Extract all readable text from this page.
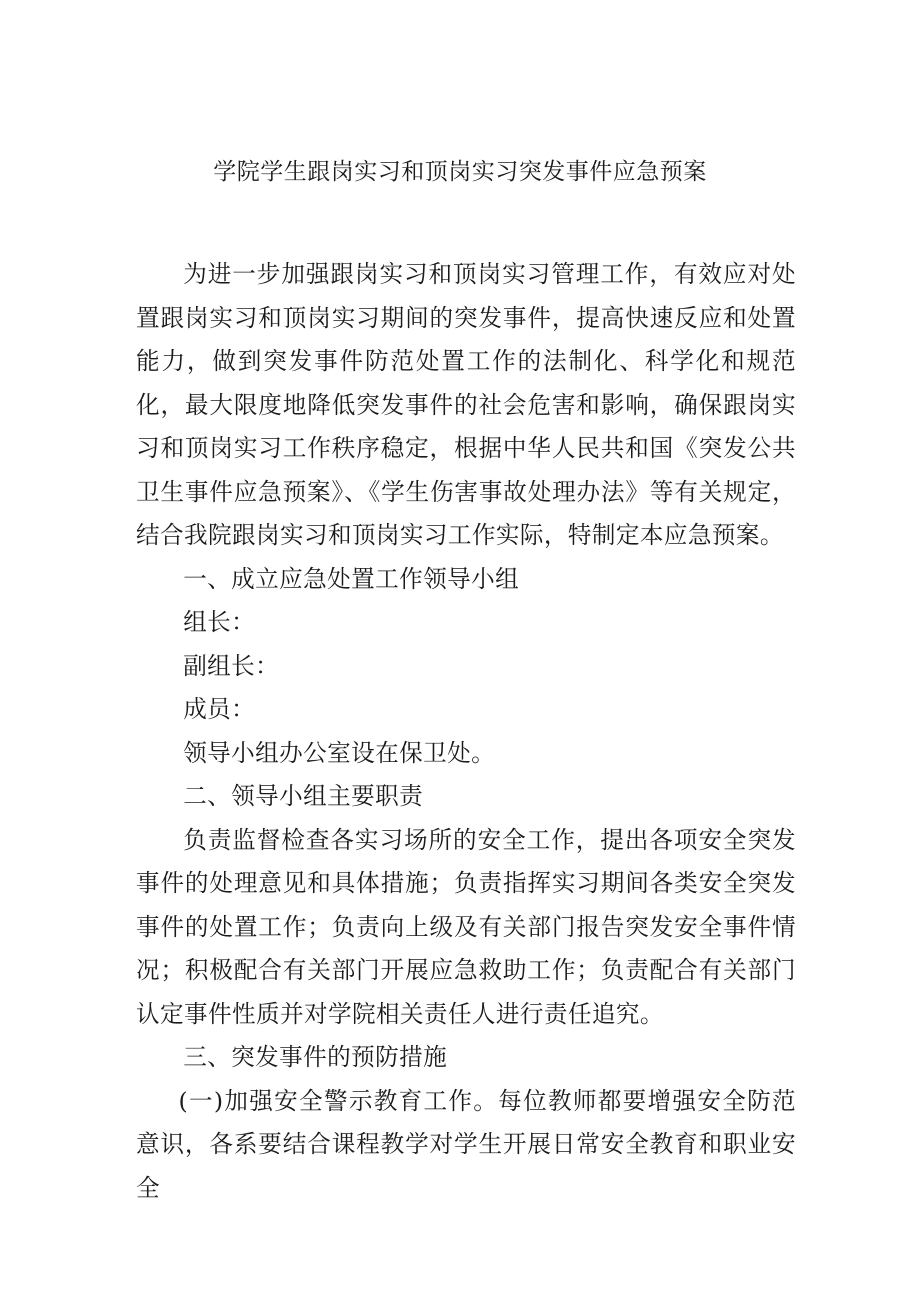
学院学生跟岗实习和顶岗实习突发事件应急预案

为进一步加强跟岗实习和顶岗实习管理工作，有效应对处置跟岗实习和顶岗实习期间的突发事件，提高快速反应和处置能力，做到突发事件防范处置工作的法制化、科学化和规范化，最大限度地降低突发事件的社会危害和影响，确保跟岗实习和顶岗实习工作秩序稳定，根据中华人民共和国《突发公共卫生事件应急预案》、《学生伤害事故处理办法》等有关规定，结合我院跟岗实习和顶岗实习工作实际，特制定本应急预案。

一、成立应急处置工作领导小组

组长：

副组长：

成员：

领导小组办公室设在保卫处。

二、领导小组主要职责

负责监督检查各实习场所的安全工作，提出各项安全突发事件的处理意见和具体措施；负责指挥实习期间各类安全突发事件的处置工作；负责向上级及有关部门报告突发安全事件情况；积极配合有关部门开展应急救助工作；负责配合有关部门认定事件性质并对学院相关责任人进行责任追究。

三、突发事件的预防措施

(一)加强安全警示教育工作。每位教师都要增强安全防范意识，各系要结合课程教学对学生开展日常安全教育和职业安全
